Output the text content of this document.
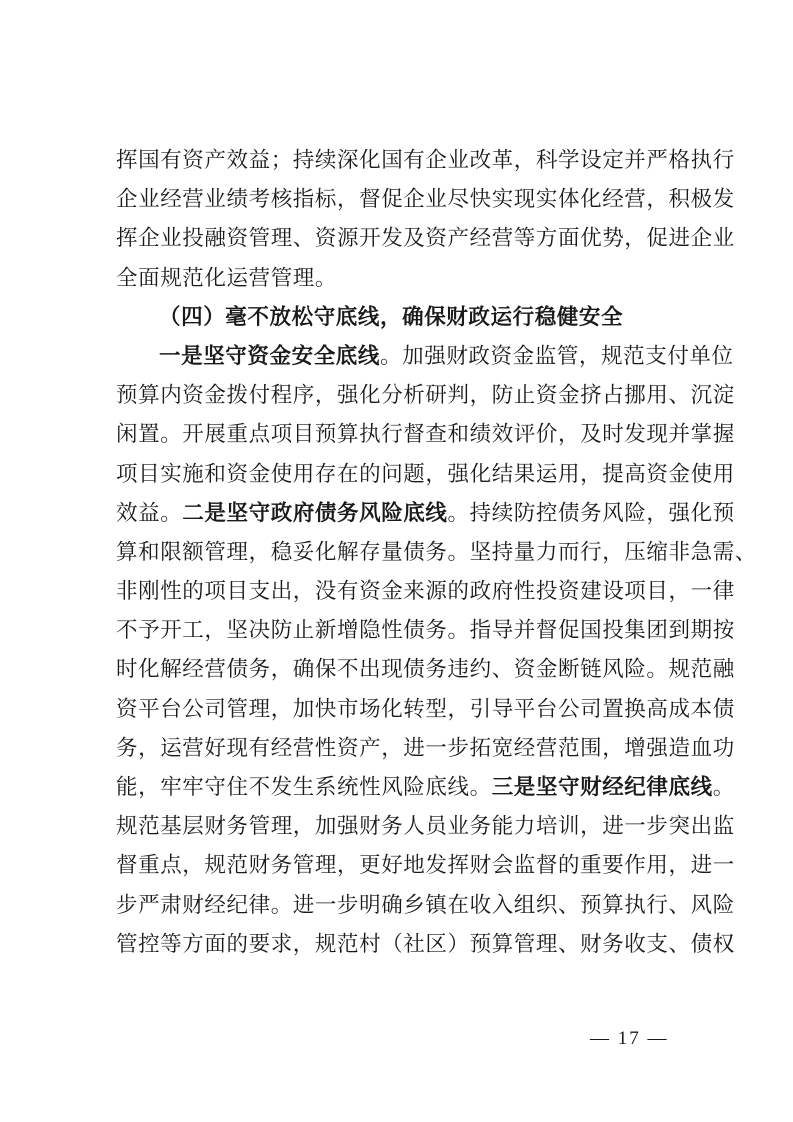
挥国有资产效益；持续深化国有企业改革，科学设定并严格执行
企业经营业绩考核指标，督促企业尽快实现实体化经营，积极发
挥企业投融资管理、资源开发及资产经营等方面优势，促进企业
全面规范化运营管理。
（四）毫不放松守底线，确保财政运行稳健安全
一是坚守资金安全底线。加强财政资金监管，规范支付单位
预算内资金拨付程序，强化分析研判，防止资金挤占挪用、沉淀
闲置。开展重点项目预算执行督查和绩效评价，及时发现并掌握
项目实施和资金使用存在的问题，强化结果运用，提高资金使用
效益。二是坚守政府债务风险底线。持续防控债务风险，强化预
算和限额管理，稳妥化解存量债务。坚持量力而行，压缩非急需、
非刚性的项目支出，没有资金来源的政府性投资建设项目，一律
不予开工，坚决防止新增隐性债务。指导并督促国投集团到期按
时化解经营债务，确保不出现债务违约、资金断链风险。规范融
资平台公司管理，加快市场化转型，引导平台公司置换高成本债
务，运营好现有经营性资产，进一步拓宽经营范围，增强造血功
能，牢牢守住不发生系统性风险底线。三是坚守财经纪律底线。
规范基层财务管理，加强财务人员业务能力培训，进一步突出监
督重点，规范财务管理，更好地发挥财会监督的重要作用，进一
步严肃财经纪律。进一步明确乡镇在收入组织、预算执行、风险
管控等方面的要求，规范村（社区）预算管理、财务收支、债权
— 17 —
